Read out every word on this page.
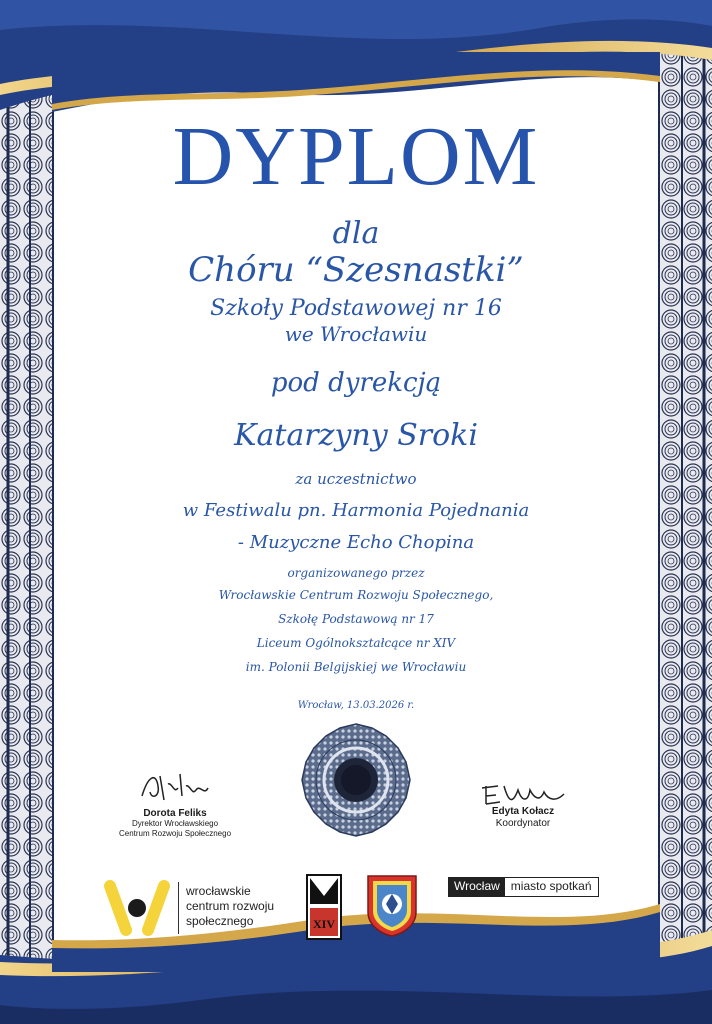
DYPLOM
dla
Chóru “Szesnastki”
Szkoły Podstawowej nr 16
we Wrocławiu
pod dyrekcją
Katarzyny Sroki
za uczestnictwo
w Festiwalu pn. Harmonia Pojednania
- Muzyczne Echo Chopina
organizowanego przez
Wrocławskie Centrum Rozwoju Społecznego,
Szkołę Podstawową nr 17
Liceum Ogólnokształcące nr XIV
im. Polonii Belgijskiej we Wrocławiu
Wrocław, 13.03.2026 r.
Dorota Feliks
Dyrektor Wrocławskiego
Centrum Rozwoju Społecznego
Edyta Kołacz
Koordynator
wrocławskie
centrum rozwoju
społecznego	XIV
Wrocław miasto spotkań
